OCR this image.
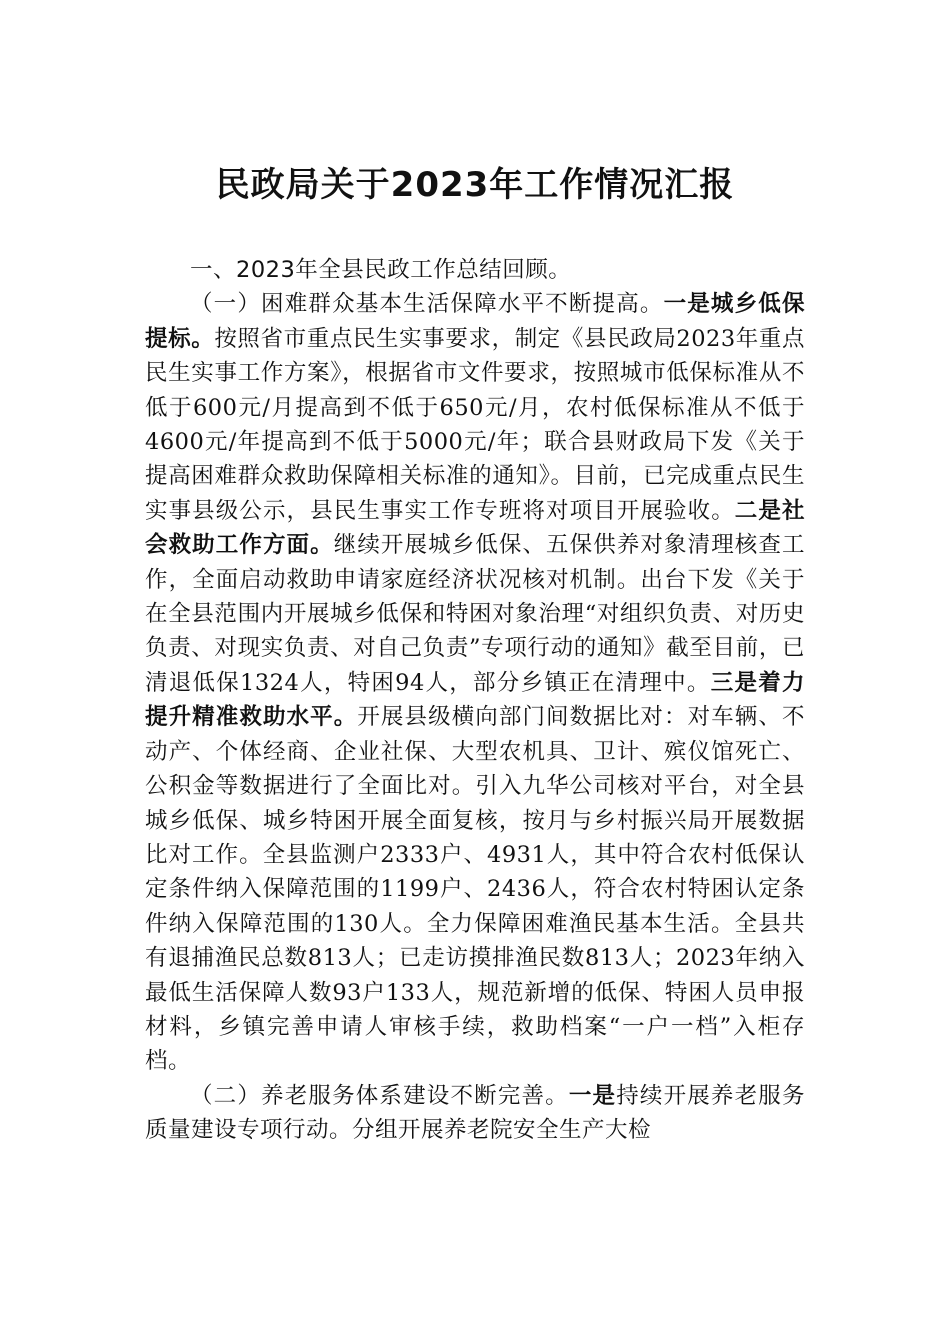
民政局关于2023年工作情况汇报

一、2023年全县民政工作总结回顾。

（一）困难群众基本生活保障水平不断提高。一是城乡低保提标。按照省市重点民生实事要求，制定《县民政局2023年重点民生实事工作方案》，根据省市文件要求，按照城市低保标准从不低于600元/月提高到不低于650元/月，农村低保标准从不低于4600元/年提高到不低于5000元/年；联合县财政局下发《关于提高困难群众救助保障相关标准的通知》。目前，已完成重点民生实事县级公示，县民生事实工作专班将对项目开展验收。二是社会救助工作方面。继续开展城乡低保、五保供养对象清理核查工作，全面启动救助申请家庭经济状况核对机制。出台下发《关于在全县范围内开展城乡低保和特困对象治理“对组织负责、对历史负责、对现实负责、对自己负责”专项行动的通知》截至目前，已清退低保1324人，特困94人，部分乡镇正在清理中。三是着力提升精准救助水平。开展县级横向部门间数据比对：对车辆、不动产、个体经商、企业社保、大型农机具、卫计、殡仪馆死亡、公积金等数据进行了全面比对。引入九华公司核对平台，对全县城乡低保、城乡特困开展全面复核，按月与乡村振兴局开展数据比对工作。全县监测户2333户、4931人，其中符合农村低保认定条件纳入保障范围的1199户、2436人，符合农村特困认定条件纳入保障范围的130人。全力保障困难渔民基本生活。全县共有退捕渔民总数813人；已走访摸排渔民数813人；2023年纳入最低生活保障人数93户133人，规范新增的低保、特困人员申报材料，乡镇完善申请人审核手续，救助档案“一户一档”入柜存档。

（二）养老服务体系建设不断完善。一是持续开展养老服务质量建设专项行动。分组开展养老院安全生产大检
